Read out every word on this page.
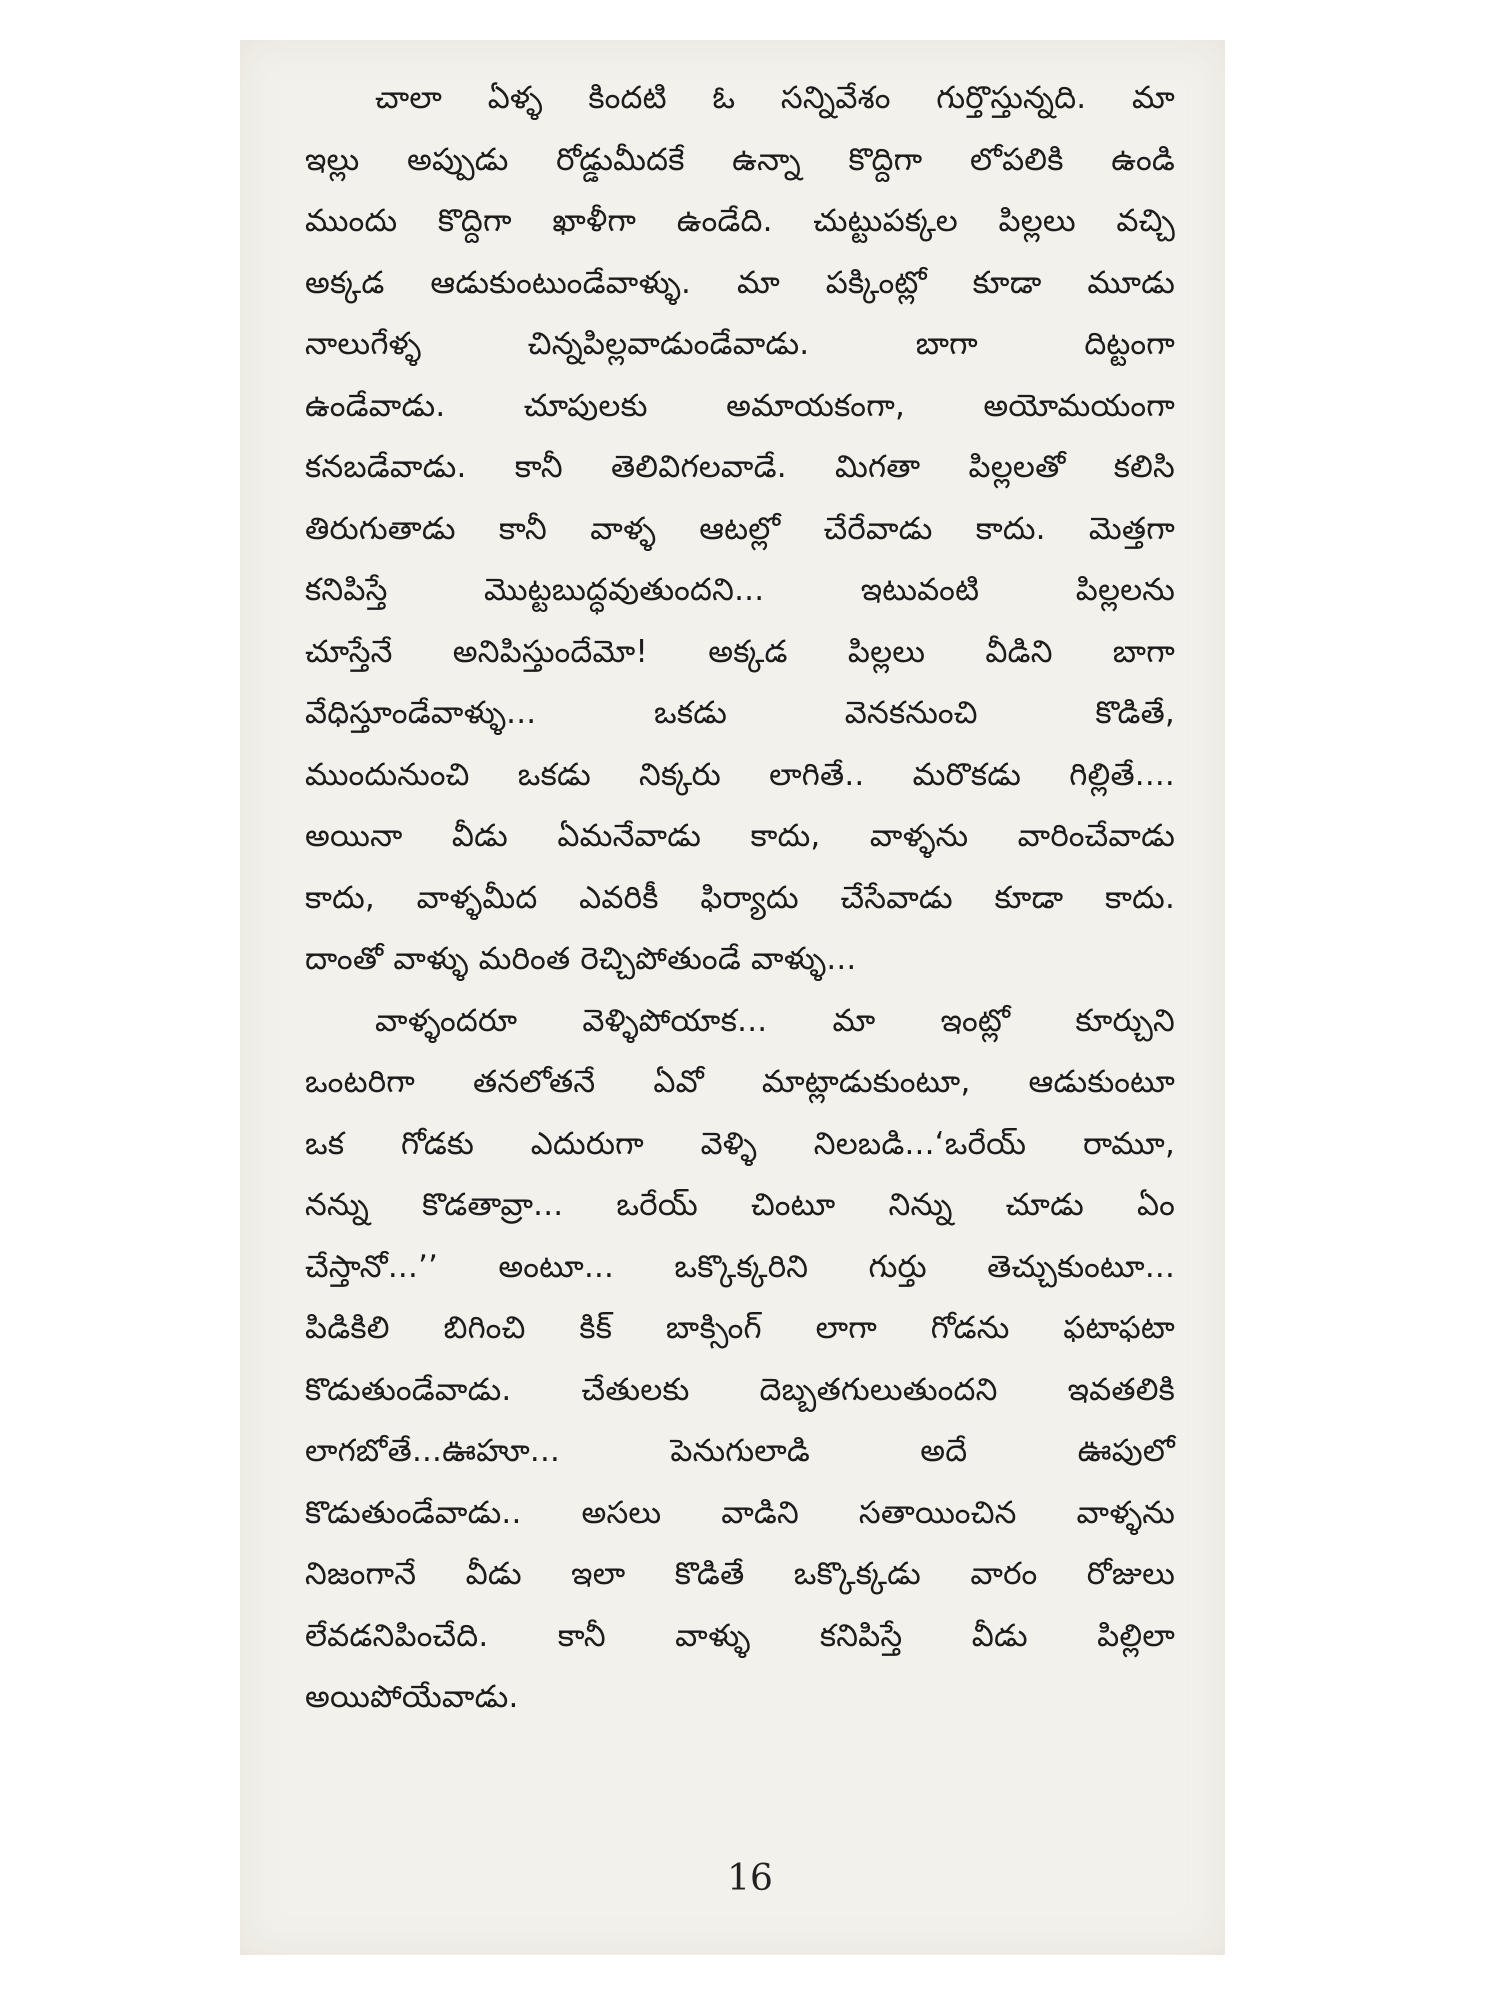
చాలా ఏళ్ళ కిందటి ఓ సన్నివేశం గుర్తొస్తున్నది. మా
ఇల్లు అప్పుడు రోడ్డుమీదకే ఉన్నా కొద్దిగా లోపలికి ఉండి
ముందు కొద్దిగా ఖాళీగా ఉండేది. చుట్టుపక్కల పిల్లలు వచ్చి
అక్కడ ఆడుకుంటుండేవాళ్ళు. మా పక్కింట్లో కూడా మూడు
నాలుగేళ్ళ చిన్నపిల్లవాడుండేవాడు. బాగా దిట్టంగా
ఉండేవాడు. చూపులకు అమాయకంగా, అయోమయంగా
కనబడేవాడు. కానీ తెలివిగలవాడే. మిగతా పిల్లలతో కలిసి
తిరుగుతాడు కానీ వాళ్ళ ఆటల్లో చేరేవాడు కాదు. మెత్తగా
కనిపిస్తే మొట్టబుద్ధవుతుందని... ఇటువంటి పిల్లలను
చూస్తేనే అనిపిస్తుందేమో! అక్కడ పిల్లలు వీడిని బాగా
వేధిస్తూండేవాళ్ళు... ఒకడు వెనకనుంచి కొడితే,
ముందునుంచి ఒకడు నిక్కరు లాగితే.. మరొకడు గిల్లితే....
అయినా వీడు ఏమనేవాడు కాదు, వాళ్ళను వారించేవాడు
కాదు, వాళ్ళమీద ఎవరికీ ఫిర్యాదు చేసేవాడు కూడా కాదు.
దాంతో వాళ్ళు మరింత రెచ్చిపోతుండే వాళ్ళు...

వాళ్ళందరూ వెళ్ళిపోయాక... మా ఇంట్లో కూర్చుని
ఒంటరిగా తనలోతనే ఏవో మాట్లాడుకుంటూ, ఆడుకుంటూ
ఒక గోడకు ఎదురుగా వెళ్ళి నిలబడి...‘ఒరేయ్ రామూ,
నన్ను కొడతావ్రా... ఒరేయ్ చింటూ నిన్ను చూడు ఏం
చేస్తానో...’’ అంటూ... ఒక్కొక్కరిని గుర్తు తెచ్చుకుంటూ...
పిడికిలి బిగించి కిక్ బాక్సింగ్ లాగా గోడను ఫటాఫటా
కొడుతుండేవాడు. చేతులకు దెబ్బతగులుతుందని ఇవతలికి
లాగబోతే...ఊహూ... పెనుగులాడి అదే ఊపులో
కొడుతుండేవాడు.. అసలు వాడిని సతాయించిన వాళ్ళను
నిజంగానే వీడు ఇలా కొడితే ఒక్కొక్కడు వారం రోజులు
లేవడనిపించేది. కానీ వాళ్ళు కనిపిస్తే వీడు పిల్లిలా
అయిపోయేవాడు.

16
